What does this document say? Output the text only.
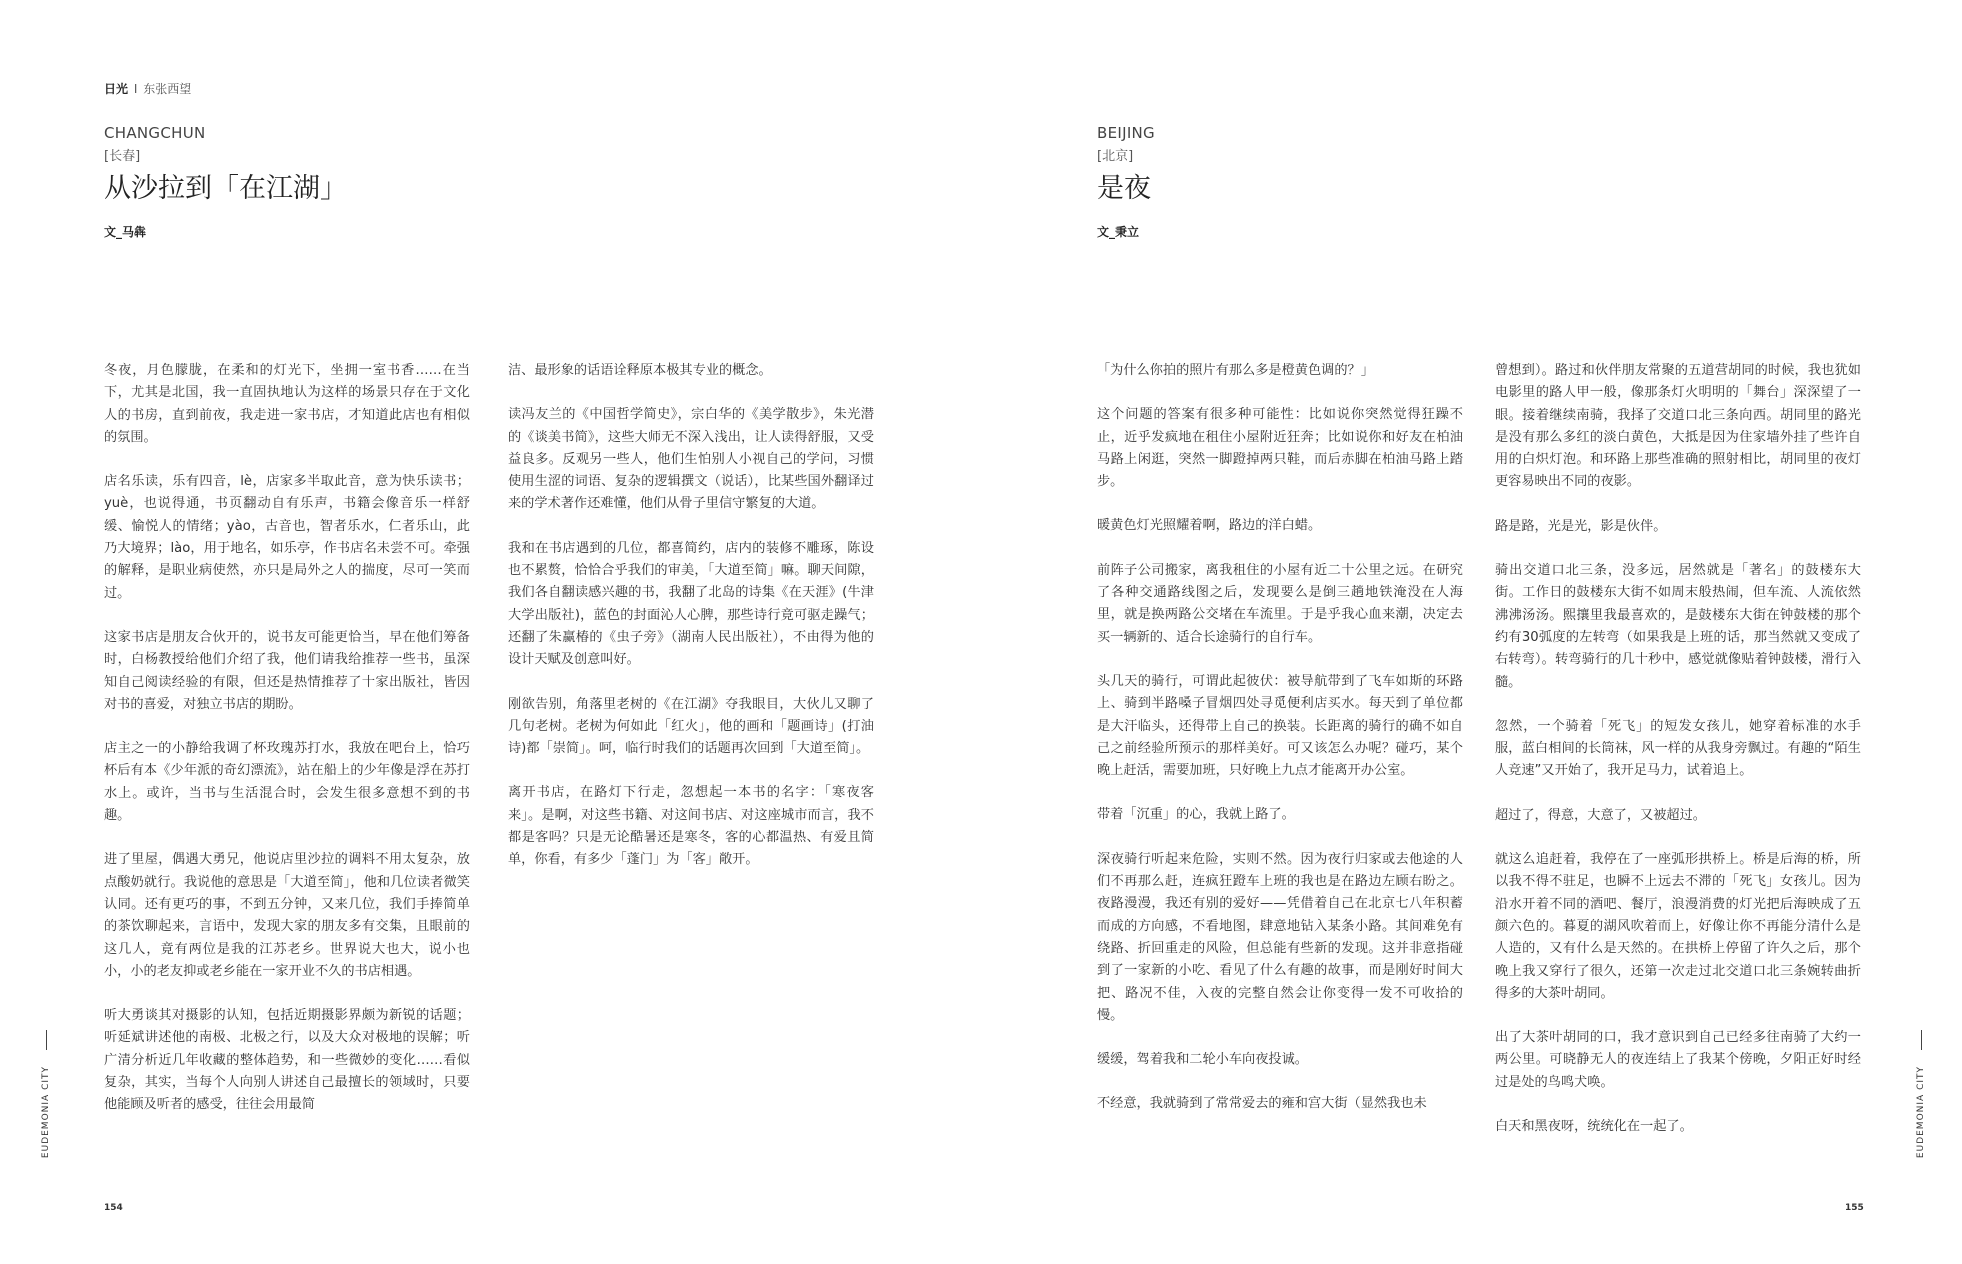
日光 I 东张西望
CHANGCHUN
[长春]
从沙拉到「在江湖」
文_马犇

冬夜，月色朦胧，在柔和的灯光下，坐拥一室书香……在当下，尤其是北国，我一直固执地认为这样的场景只存在于文化人的书房，直到前夜，我走进一家书店，才知道此店也有相似的氛围。

店名乐读，乐有四音，lè，店家多半取此音，意为快乐读书；yuè，也说得通，书页翻动自有乐声，书籍会像音乐一样舒缓、愉悦人的情绪；yào，古音也，智者乐水，仁者乐山，此乃大境界；lào，用于地名，如乐亭，作书店名未尝不可。牵强的解释，是职业病使然，亦只是局外之人的揣度，尽可一笑而过。

这家书店是朋友合伙开的，说书友可能更恰当，早在他们筹备时，白杨教授给他们介绍了我，他们请我给推荐一些书，虽深知自己阅读经验的有限，但还是热情推荐了十家出版社，皆因对书的喜爱，对独立书店的期盼。

店主之一的小静给我调了杯玫瑰苏打水，我放在吧台上，恰巧杯后有本《少年派的奇幻漂流》，站在船上的少年像是浮在苏打水上。或许，当书与生活混合时，会发生很多意想不到的书趣。

进了里屋，偶遇大勇兄，他说店里沙拉的调料不用太复杂，放点酸奶就行。我说他的意思是「大道至简」，他和几位读者微笑认同。还有更巧的事，不到五分钟，又来几位，我们手捧简单的茶饮聊起来，言语中，发现大家的朋友多有交集，且眼前的这几人，竟有两位是我的江苏老乡。世界说大也大，说小也小，小的老友抑或老乡能在一家开业不久的书店相遇。

听大勇谈其对摄影的认知，包括近期摄影界颇为新锐的话题；听延斌讲述他的南极、北极之行，以及大众对极地的误解；听广清分析近几年收藏的整体趋势，和一些微妙的变化……看似复杂，其实，当每个人向别人讲述自己最擅长的领域时，只要他能顾及听者的感受，往往会用最简

洁、最形象的话语诠释原本极其专业的概念。

读冯友兰的《中国哲学简史》，宗白华的《美学散步》，朱光潜的《谈美书简》，这些大师无不深入浅出，让人读得舒服，又受益良多。反观另一些人，他们生怕别人小视自己的学问，习惯使用生涩的词语、复杂的逻辑撰文（说话），比某些国外翻译过来的学术著作还难懂，他们从骨子里信守繁复的大道。

我和在书店遇到的几位，都喜简约，店内的装修不雕琢，陈设也不累赘，恰恰合乎我们的审美，「大道至简」嘛。聊天间隙，我们各自翻读感兴趣的书，我翻了北岛的诗集《在天涯》(牛津大学出版社)，蓝色的封面沁人心脾，那些诗行竟可驱走躁气；还翻了朱赢椿的《虫子旁》（湖南人民出版社），不由得为他的设计天赋及创意叫好。

刚欲告别，角落里老树的《在江湖》夺我眼目，大伙儿又聊了几句老树。老树为何如此「红火」，他的画和「题画诗」(打油诗)都「崇简」。呵，临行时我们的话题再次回到「大道至简」。

离开书店，在路灯下行走，忽想起一本书的名字：「寒夜客来」。是啊，对这些书籍、对这间书店、对这座城市而言，我不都是客吗？只是无论酷暑还是寒冬，客的心都温热、有爱且简单，你看，有多少「蓬门」为「客」敞开。

EUDEMONIA CITY
154
BEIJING
[北京]
是夜
文_秉立

「为什么你拍的照片有那么多是橙黄色调的？」

这个问题的答案有很多种可能性：比如说你突然觉得狂躁不止，近乎发疯地在租住小屋附近狂奔；比如说你和好友在柏油马路上闲逛，突然一脚蹬掉两只鞋，而后赤脚在柏油马路上踏步。

暖黄色灯光照耀着啊，路边的洋白蜡。

前阵子公司搬家，离我租住的小屋有近二十公里之远。在研究了各种交通路线图之后，发现要么是倒三趟地铁淹没在人海里，就是换两路公交堵在车流里。于是乎我心血来潮，决定去买一辆新的、适合长途骑行的自行车。

头几天的骑行，可谓此起彼伏：被导航带到了飞车如斯的环路上、骑到半路嗓子冒烟四处寻觅便利店买水。每天到了单位都是大汗临头，还得带上自己的换装。长距离的骑行的确不如自己之前经验所预示的那样美好。可又该怎么办呢？碰巧，某个晚上赶活，需要加班，只好晚上九点才能离开办公室。

带着「沉重」的心，我就上路了。

深夜骑行听起来危险，实则不然。因为夜行归家或去他途的人们不再那么赶，连疯狂蹬车上班的我也是在路边左顾右盼之。夜路漫漫，我还有别的爱好——凭借着自己在北京七八年积蓄而成的方向感，不看地图，肆意地钻入某条小路。其间难免有绕路、折回重走的风险，但总能有些新的发现。这并非意指碰到了一家新的小吃、看见了什么有趣的故事，而是刚好时间大把、路况不佳，入夜的完整自然会让你变得一发不可收拾的慢。

缓缓，驾着我和二轮小车向夜投诚。

不经意，我就骑到了常常爱去的雍和宫大街（显然我也未

曾想到）。路过和伙伴朋友常聚的五道营胡同的时候，我也犹如电影里的路人甲一般，像那条灯火明明的「舞台」深深望了一眼。接着继续南骑，我择了交道口北三条向西。胡同里的路光是没有那么多红的淡白黄色，大抵是因为住家墙外挂了些许自用的白炽灯泡。和环路上那些准确的照射相比，胡同里的夜灯更容易映出不同的夜影。

路是路，光是光，影是伙伴。

骑出交道口北三条，没多远，居然就是「著名」的鼓楼东大街。工作日的鼓楼东大街不如周末般热闹，但车流、人流依然沸沸汤汤。熙攘里我最喜欢的，是鼓楼东大街在钟鼓楼的那个约有30弧度的左转弯（如果我是上班的话，那当然就又变成了右转弯）。转弯骑行的几十秒中，感觉就像贴着钟鼓楼，滑行入髓。

忽然，一个骑着「死飞」的短发女孩儿，她穿着标准的水手服，蓝白相间的长筒袜，风一样的从我身旁飘过。有趣的“陌生人竞速”又开始了，我开足马力，试着追上。

超过了，得意，大意了，又被超过。

就这么追赶着，我停在了一座弧形拱桥上。桥是后海的桥，所以我不得不驻足，也瞬不上远去不滞的「死飞」女孩儿。因为沿水开着不同的酒吧、餐厅，浪漫消费的灯光把后海映成了五颜六色的。暮夏的湖风吹着而上，好像让你不再能分清什么是人造的，又有什么是天然的。在拱桥上停留了许久之后，那个晚上我又穿行了很久，还第一次走过北交道口北三条婉转曲折得多的大茶叶胡同。

出了大茶叶胡同的口，我才意识到自己已经多往南骑了大约一两公里。可晓静无人的夜连结上了我某个傍晚，夕阳正好时经过是处的鸟鸣犬唤。

白天和黑夜呀，统统化在一起了。	EUDEMONIA CITY
155
